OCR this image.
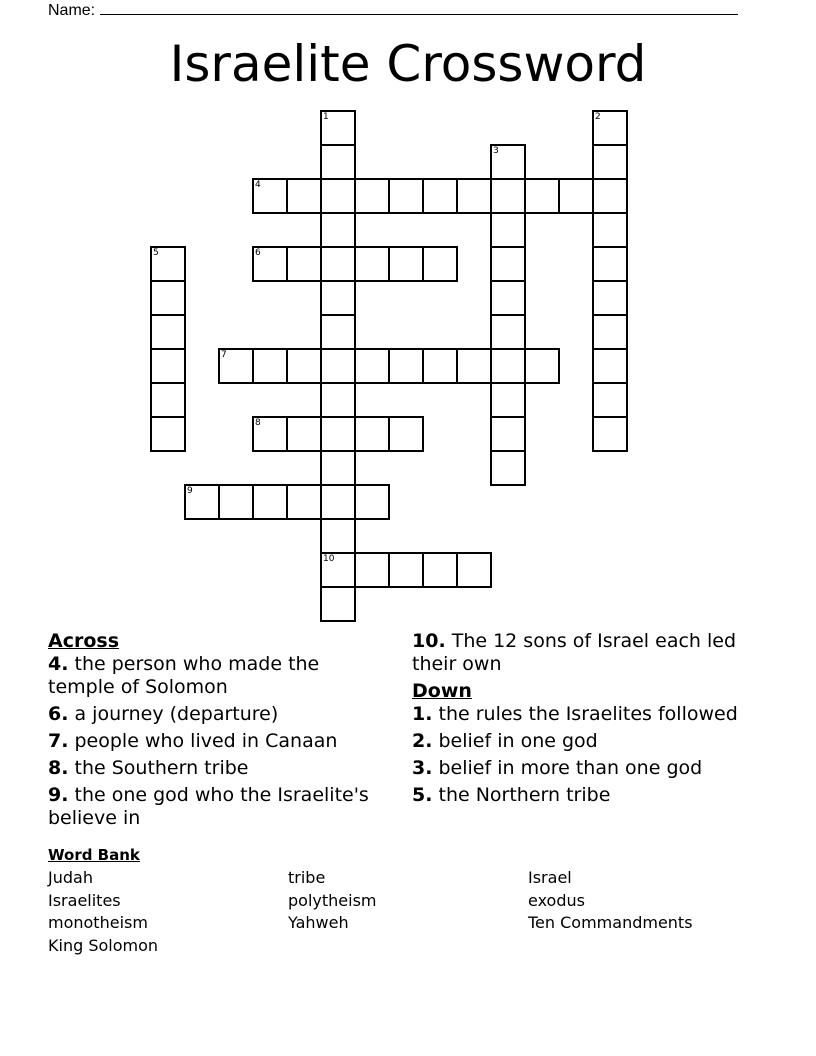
Name:
Israelite Crossword
1
10
2
3
4
5	6
7
8
9
Across
4. the person who made the temple of Solomon
6. a journey (departure)
7. people who lived in Canaan
8. the Southern tribe
9. the one god who the Israelite's believe in
10. The 12 sons of Israel each led their own
Down
1. the rules the Israelites followed
2. belief in one god
3. belief in more than one god
5. the Northern tribe
Word Bank
Judah
Israelites
monotheism
King Solomon
tribe
polytheism
Yahweh
Israel
exodus
Ten Commandments
